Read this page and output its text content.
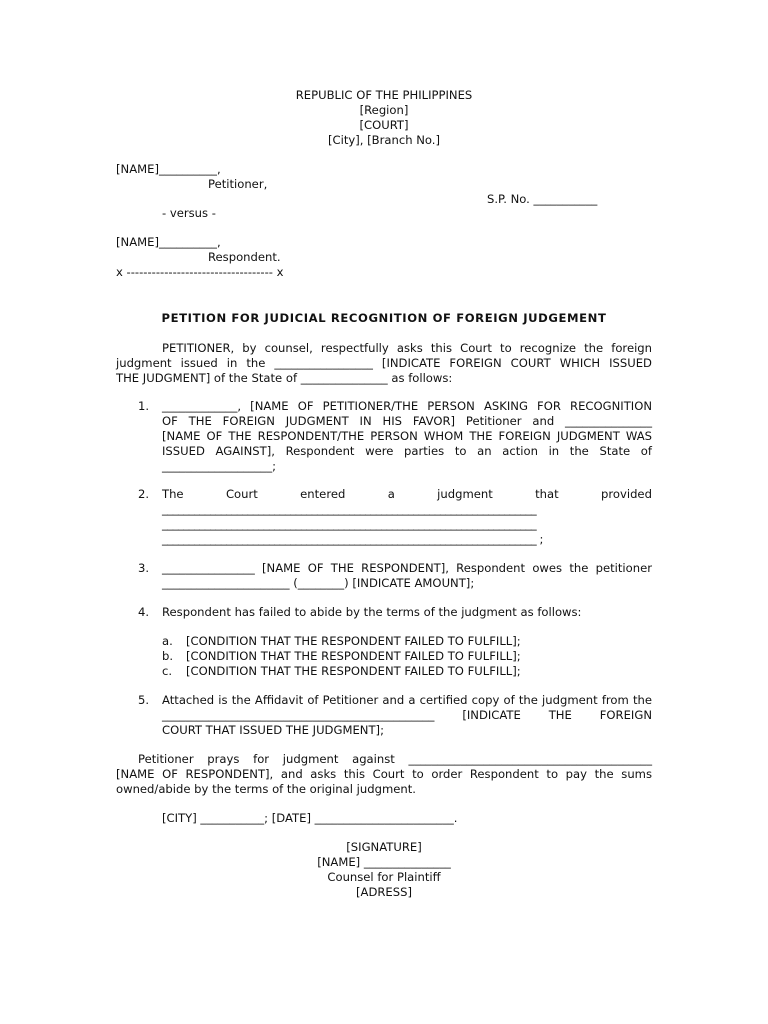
REPUBLIC OF THE PHILIPPINES
[Region]
[COURT]
[City], [Branch No.]
[NAME]__________,
Petitioner,
S.P. No. ___________
- versus -
[NAME]__________,
Respondent.
x ----------------------------------- x
PETITION FOR JUDICIAL RECOGNITION OF FOREIGN JUDGEMENT
PETITIONER, by counsel, respectfully asks this Court to recognize the foreign
judgment issued in the _________________ [INDICATE FOREIGN COURT WHICH ISSUED
THE JUDGMENT] of the State of _______________ as follows:
1. _____________, [NAME OF PETITIONER/THE PERSON ASKING FOR RECOGNITION
OF THE FOREIGN JUDGMENT IN HIS FAVOR] Petitioner and _______________
[NAME OF THE RESPONDENT/THE PERSON WHOM THE FOREIGN JUDGMENT WAS
ISSUED AGAINST], Respondent were parties to an action in the State of
___________________;
2. The	Court	entered	a	judgment	that	provided
______________________________________________________________________
______________________________________________________________________
______________________________________________________________________ ;
3. ________________ [NAME OF THE RESPONDENT], Respondent owes the petitioner
______________________ (________) [INDICATE AMOUNT];
4. Respondent has failed to abide by the terms of the judgment as follows:
a. [CONDITION THAT THE RESPONDENT FAILED TO FULFILL];
b. [CONDITION THAT THE RESPONDENT FAILED TO FULFILL];
c. [CONDITION THAT THE RESPONDENT FAILED TO FULFILL];
5. Attached is the Affidavit of Petitioner and a certified copy of the judgment from the
_______________________________________________ [INDICATE THE FOREIGN
COURT THAT ISSUED THE JUDGMENT];
Petitioner prays for judgment against __________________________________________
[NAME OF RESPONDENT], and asks this Court to order Respondent to pay the sums
owned/abide by the terms of the original judgment.
[CITY] ___________; [DATE] ________________________.
[SIGNATURE]
[NAME] _______________
Counsel for Plaintiff
[ADRESS]
